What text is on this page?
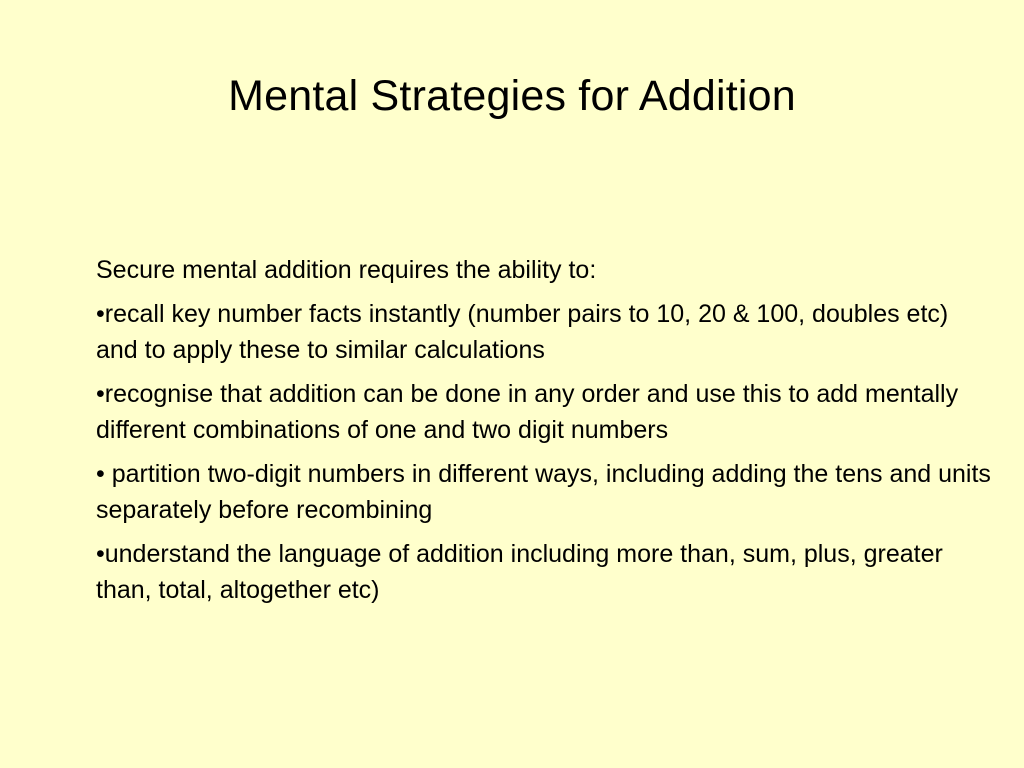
Mental Strategies for Addition

Secure mental addition requires the ability to:

•recall key number facts instantly (number pairs to 10, 20 & 100, doubles etc) and to apply these to similar calculations
•recognise that addition can be done in any order and use this to add mentally different combinations of one and two digit numbers
• partition two-digit numbers in different ways, including adding the tens and units separately before recombining
•understand the language of addition including more than, sum, plus, greater than, total, altogether etc)
